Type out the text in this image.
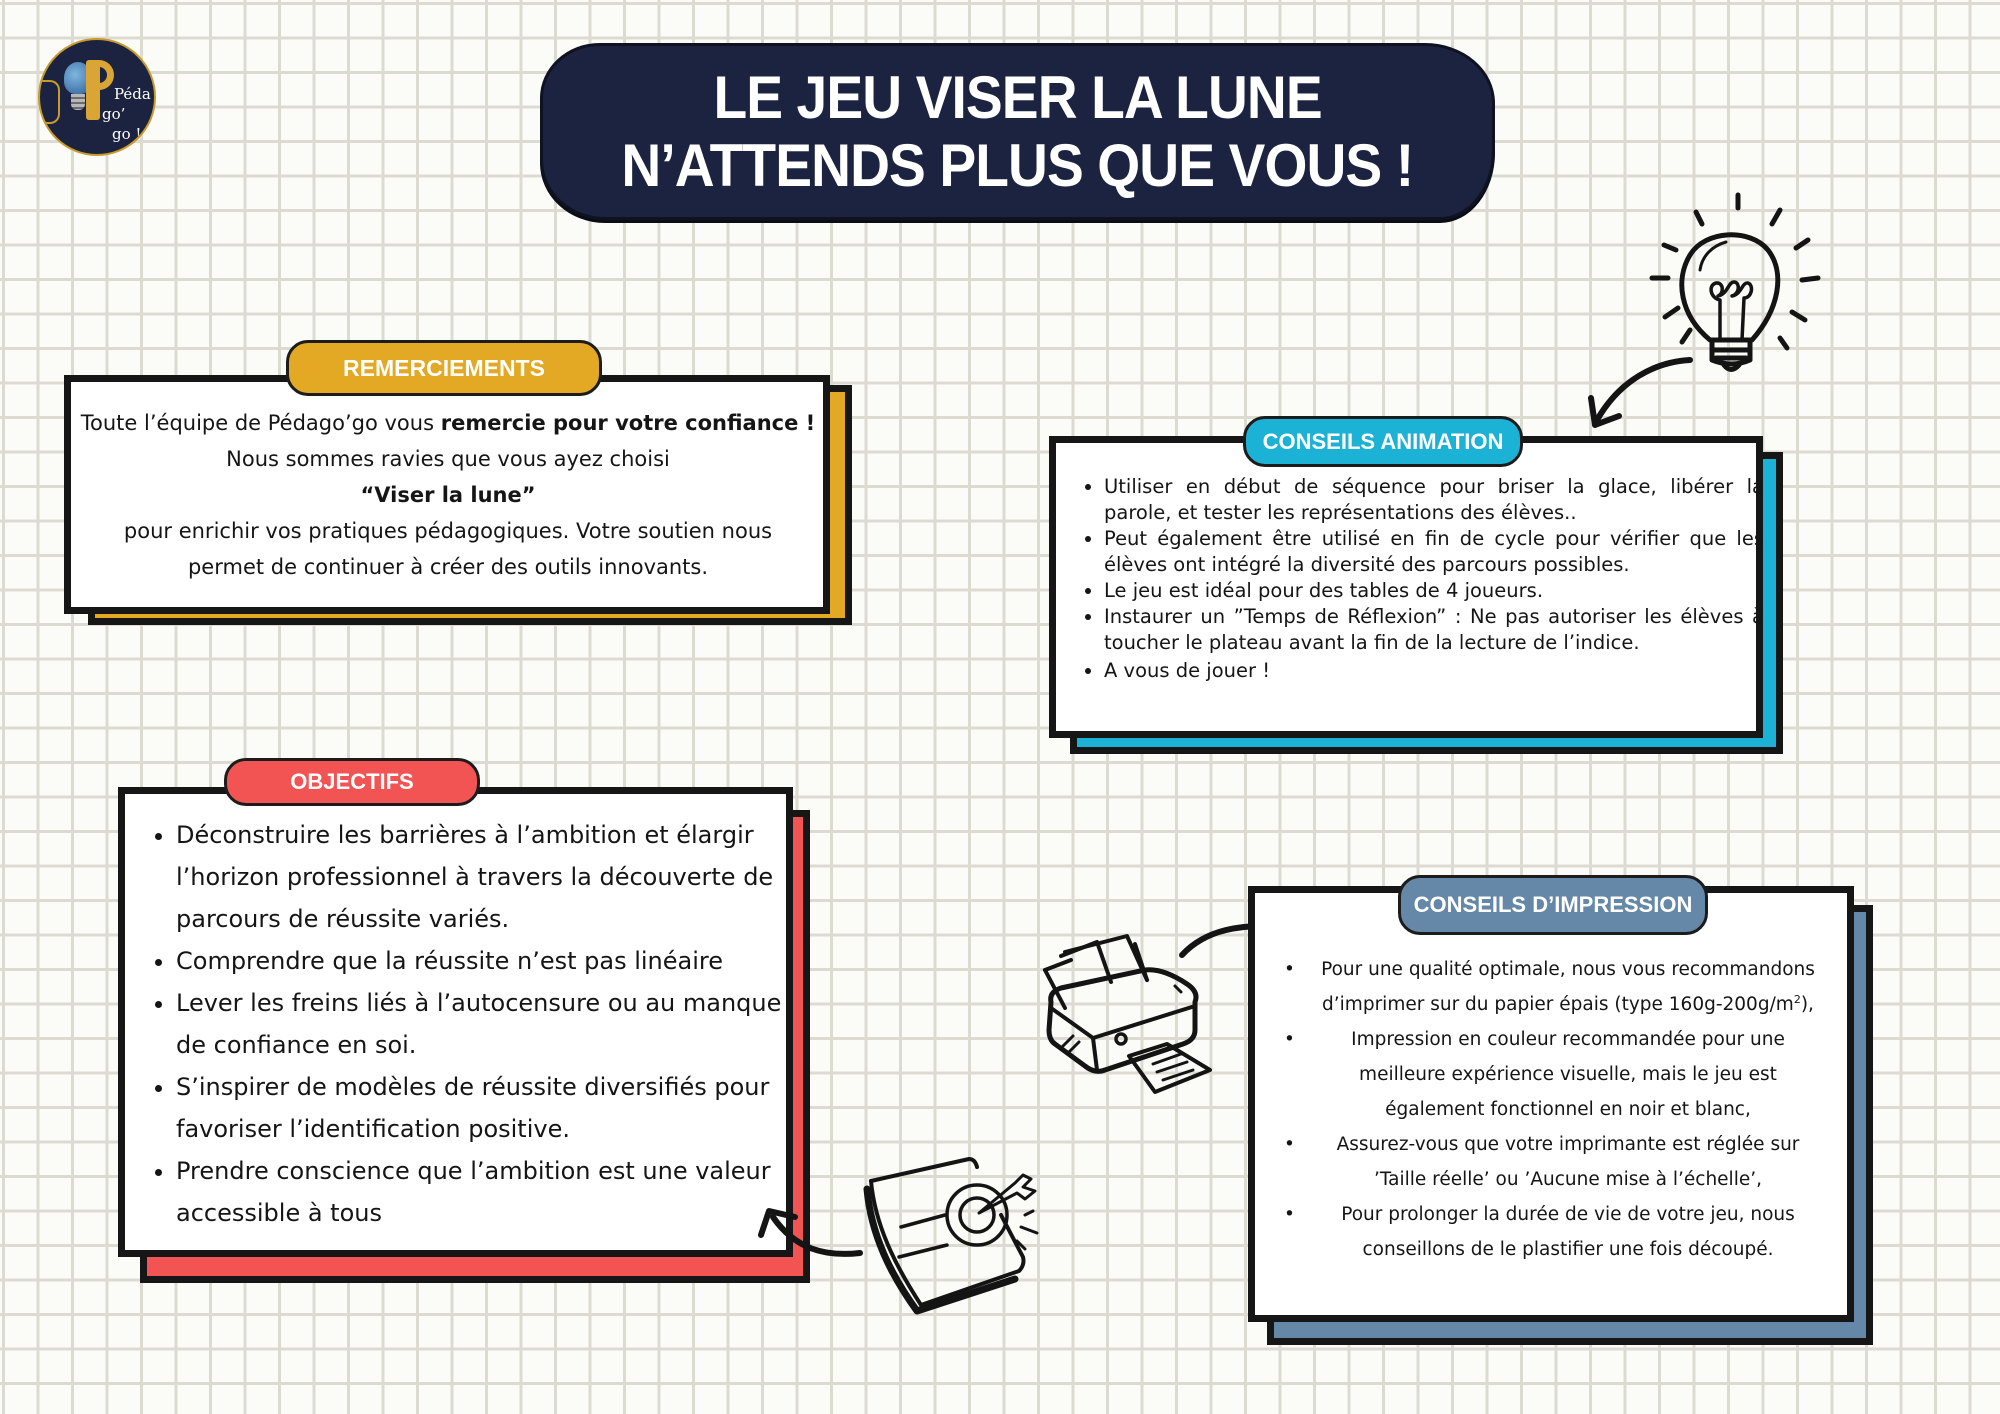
Péda
go’
go !
LE JEU VISER LA LUNE
N’ATTENDS PLUS QUE VOUS !
REMERCIEMENTS
Toute l’équipe de Pédago’go vous remercie pour votre confiance !
Nous sommes ravies que vous ayez choisi
“Viser la lune”
pour enrichir vos pratiques pédagogiques. Votre soutien nous
permet de continuer à créer des outils innovants.
CONSEILS ANIMATION
• Utiliser en début de séquence pour briser la glace, libérer la parole, et tester les représentations des élèves..
• Peut également être utilisé en fin de cycle pour vérifier que les élèves ont intégré la diversité des parcours possibles.
• Le jeu est idéal pour des tables de 4 joueurs.
• Instaurer un ”Temps de Réflexion” : Ne pas autoriser les élèves à toucher le plateau avant la fin de la lecture de l’indice.
• A vous de jouer !
OBJECTIFS
• Déconstruire les barrières à l’ambition et élargir l’horizon professionnel à travers la découverte de parcours de réussite variés.
• Comprendre que la réussite n’est pas linéaire
• Lever les freins liés à l’autocensure ou au manque de confiance en soi.
• S’inspirer de modèles de réussite diversifiés pour favoriser l’identification positive.
• Prendre conscience que l’ambition est une valeur accessible à tous
CONSEILS D’IMPRESSION
• Pour une qualité optimale, nous vous recommandons d’imprimer sur du papier épais (type $160g-200g/m^2$),
• Impression en couleur recommandée pour une meilleure expérience visuelle, mais le jeu est également fonctionnel en noir et blanc,
• Assurez-vous que votre imprimante est réglée sur ’Taille réelle’ ou ’Aucune mise à l’échelle’,
• Pour prolonger la durée de vie de votre jeu, nous conseillons de le plastifier une fois découpé.
